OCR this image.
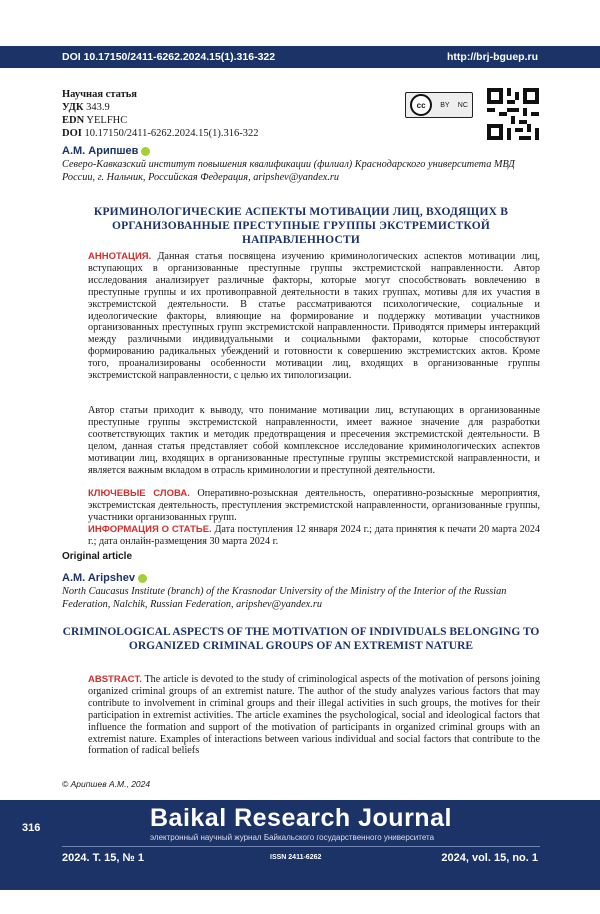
DOI 10.17150/2411-6262.2024.15(1).316-322	http://brj-bguep.ru
Научная статья
УДК 343.9
EDN YELFHC
DOI 10.17150/2411-6262.2024.15(1).316-322
cc	BY NC
А.М. Арипшев
Северо-Кавказский институт повышения квалификации (филиал) Краснодарского университета МВД России, г. Нальчик, Российская Федерация, aripshev@yandex.ru
КРИМИНОЛОГИЧЕСКИЕ АСПЕКТЫ МОТИВАЦИИ ЛИЦ, ВХОДЯЩИХ В ОРГАНИЗОВАННЫЕ ПРЕСТУПНЫЕ ГРУППЫ ЭКСТРЕМИСТКОЙ НАПРАВЛЕННОСТИ
АННОТАЦИЯ. Данная статья посвящена изучению криминологических аспектов мотивации лиц, вступающих в организованные преступные группы экстремистской направленности. Автор исследования анализирует различные факторы, которые могут способствовать вовлечению в преступные группы и их противоправной деятельности в таких группах, мотивы для их участия в экстремистской деятельности. В статье рассматриваются психологические, социальные и идеологические факторы, влияющие на формирование и поддержку мотивации участников организованных преступных групп экстремистской направленности. Приводятся примеры интеракций между различными индивидуальными и социальными факторами, которые способствуют формированию радикальных убеждений и готовности к совершению экстремистских актов. Кроме того, проанализированы особенности мотивации лиц, входящих в организованные группы экстремистской направленности, с целью их типологизации.
Автор статьи приходит к выводу, что понимание мотивации лиц, вступающих в организованные преступные группы экстремистской направленности, имеет важное значение для разработки соответствующих тактик и методик предотвращения и пресечения экстремистской деятельности. В целом, данная статья представляет собой комплексное исследование криминологических аспектов мотивации лиц, входящих в организованные преступные группы экстремистской направленности, и является важным вкладом в отрасль криминологии и преступной деятельности.
КЛЮЧЕВЫЕ СЛОВА. Оперативно-розыскная деятельность, оперативно-розыскные мероприятия, экстремистская деятельность, преступления экстремистской направленности, организованные группы, участники организованных групп.
ИНФОРМАЦИЯ О СТАТЬЕ. Дата поступления 12 января 2024 г.; дата принятия к печати 20 марта 2024 г.; дата онлайн-размещения 30 марта 2024 г.
Original article
A.M. Aripshev
North Caucasus Institute (branch) of the Krasnodar University of the Ministry of the Interior of the Russian Federation, Nalchik, Russian Federation, aripshev@yandex.ru
CRIMINOLOGICAL ASPECTS OF THE MOTIVATION OF INDIVIDUALS BELONGING TO ORGANIZED CRIMINAL GROUPS OF AN EXTREMIST NATURE
ABSTRACT. The article is devoted to the study of criminological aspects of the motivation of persons joining organized criminal groups of an extremist nature. The author of the study analyzes various factors that may contribute to involvement in criminal groups and their illegal activities in such groups, the motives for their participation in extremist activities. The article examines the psychological, social and ideological factors that influence the formation and support of the motivation of participants in organized criminal groups with an extremist nature. Examples of interactions between various individual and social factors that contribute to the formation of radical beliefs
© Арипшев А.М., 2024
316	Baikal Research Journal
электронный научный журнал Байкальского государственного университета
2024. Т. 15, № 1	ISSN 2411-6262	2024, vol. 15, no. 1
